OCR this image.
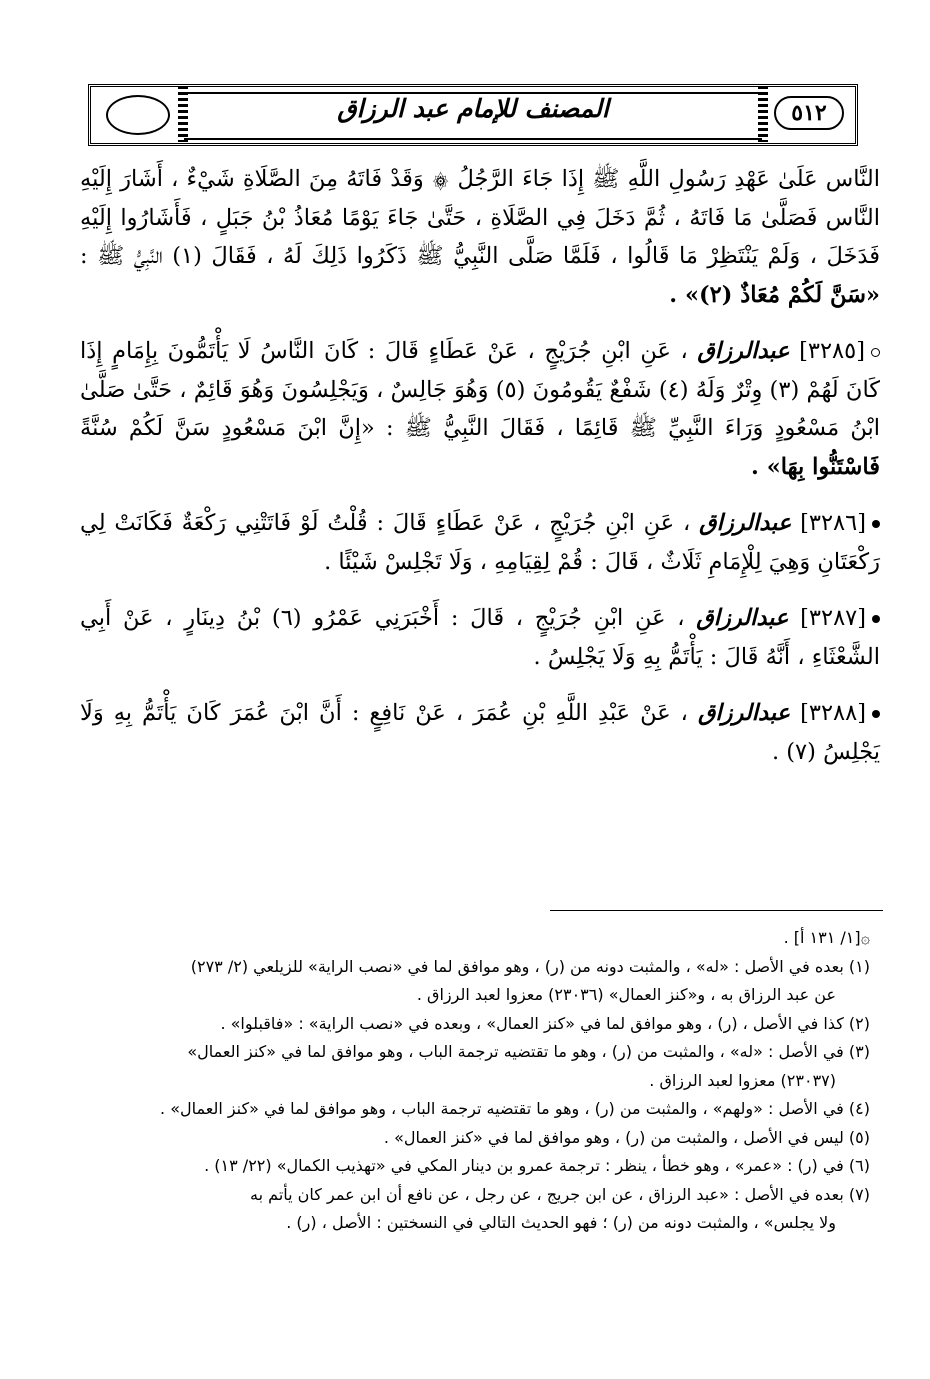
المصنف للإمام عبد الرزاق	٥١٢

النَّاس عَلَىٰ عَهْدِ رَسُولِ اللَّهِ ﷺ إِذَا جَاءَ الرَّجُلُ ۞ وَقَدْ فَاتَهُ مِنَ الصَّلَاةِ شَيْءٌ ، أَشَارَ إِلَيْهِ النَّاس فَصَلَّىٰ مَا فَاتَهُ ، ثُمَّ دَخَلَ فِي الصَّلَاةِ ، حَتَّىٰ جَاءَ يَوْمًا مُعَاذُ بْنُ جَبَلٍ ، فَأَشَارُوا إِلَيْهِ فَدَخَلَ ، وَلَمْ يَنْتَظِرْ مَا قَالُوا ، فَلَمَّا صَلَّى النَّبِيُّ ﷺ ذَكَرُوا ذَلِكَ لَهُ ، فَقَالَ (١) النَّبِيُّ ﷺ : «سَنَّ لَكُمْ مُعَاذٌ (٢)» .

[٣٢٨٥] عبدالرزاق ، عَنِ ابْنِ جُرَيْجٍ ، عَنْ عَطَاءٍ قَالَ : كَانَ النَّاسُ لَا يَأْتَمُّونَ بِإِمَامٍ إِذَا كَانَ لَهُمْ (٣) وِتْرٌ وَلَهُ (٤) شَفْعٌ يَقُومُونَ (٥) وَهُوَ جَالِسٌ ، وَيَجْلِسُونَ وَهُوَ قَائِمٌ ، حَتَّىٰ صَلَّىٰ ابْنُ مَسْعُودٍ وَرَاءَ النَّبِيِّ ﷺ قَائِمًا ، فَقَالَ النَّبِيُّ ﷺ : «إِنَّ ابْنَ مَسْعُودٍ سَنَّ لَكُمْ سُنَّةً فَاسْتَنُّوا بِهَا» .

[٣٢٨٦] عبدالرزاق ، عَنِ ابْنِ جُرَيْجٍ ، عَنْ عَطَاءٍ قَالَ : قُلْتُ لَوْ فَاتَتْنِي رَكْعَةٌ فَكَانَتْ لِي رَكْعَتَانِ وَهِيَ لِلْإِمَامِ ثَلَاثٌ ، قَالَ : قُمْ لِقِيَامِهِ ، وَلَا تَجْلِسْ شَيْئًا .

[٣٢٨٧] عبدالرزاق ، عَنِ ابْنِ جُرَيْجٍ ، قَالَ : أَخْبَرَنِي عَمْرُو (٦) بْنُ دِينَارٍ ، عَنْ أَبِي الشَّعْثَاءِ ، أَنَّهُ قَالَ : يَأْتَمُّ بِهِ وَلَا يَجْلِسُ .

[٣٢٨٨] عبدالرزاق ، عَنْ عَبْدِ اللَّهِ بْنِ عُمَرَ ، عَنْ نَافِعٍ : أَنَّ ابْنَ عُمَرَ كَانَ يَأْتَمُّ بِهِ وَلَا يَجْلِسُ (٧) .

۞[١/ ١٣١ أ] .

(١) بعده في الأصل : «له» ، والمثبت دونه من (ر) ، وهو موافق لما في «نصب الراية» للزيلعي (٢/ ٢٧٣)

عن عبد الرزاق به ، و«كنز العمال» (٢٣٠٣٦) معزوا لعبد الرزاق .

(٢) كذا في الأصل ، (ر) ، وهو موافق لما في «كنز العمال» ، وبعده في «نصب الراية» : «فاقبلوا» .

(٣) في الأصل : «له» ، والمثبت من (ر) ، وهو ما تقتضيه ترجمة الباب ، وهو موافق لما في «كنز العمال»

(٢٣٠٣٧) معزوا لعبد الرزاق .

(٤) في الأصل : «ولهم» ، والمثبت من (ر) ، وهو ما تقتضيه ترجمة الباب ، وهو موافق لما في «كنز العمال» .

(٥) ليس في الأصل ، والمثبت من (ر) ، وهو موافق لما في «كنز العمال» .

(٦) في (ر) : «عمر» ، وهو خطأ ، ينظر : ترجمة عمرو بن دينار المكي في «تهذيب الكمال» (٢٢/ ١٣) .

(٧) بعده في الأصل : «عبد الرزاق ، عن ابن جريج ، عن رجل ، عن نافع أن ابن عمر كان يأتم به

ولا يجلس» ، والمثبت دونه من (ر) ؛ فهو الحديث التالي في النسختين : الأصل ، (ر) .
